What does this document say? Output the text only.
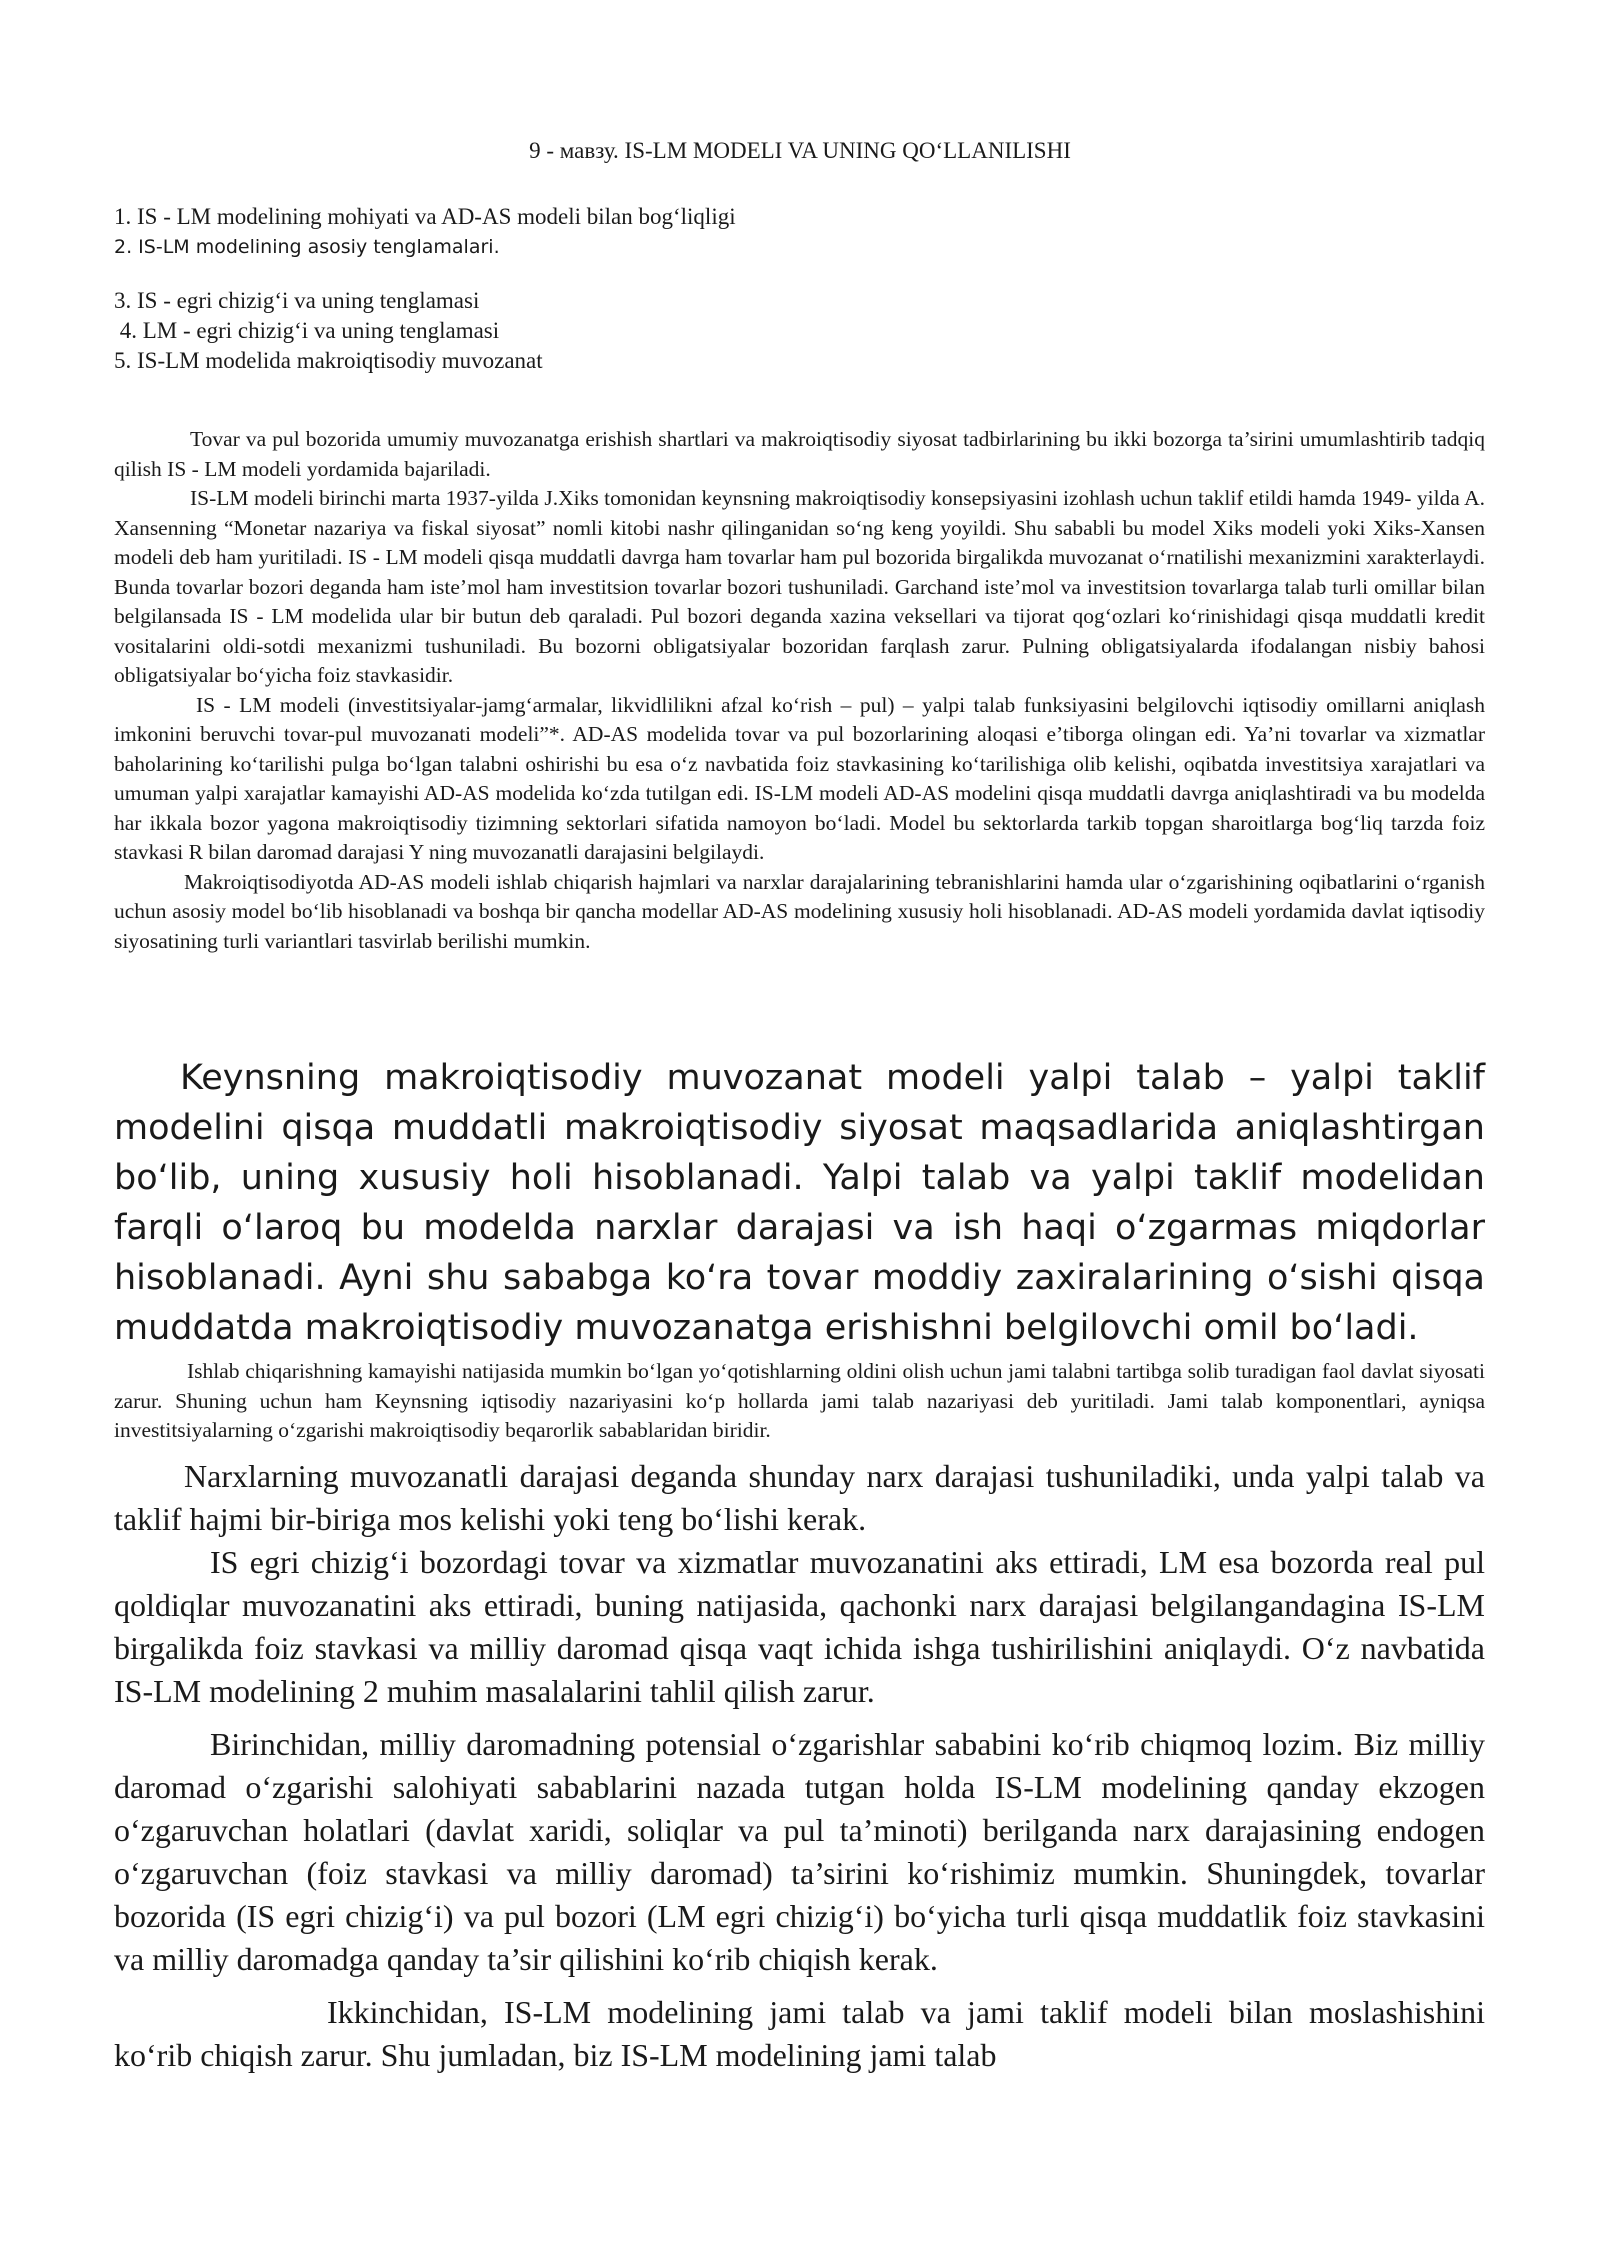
9 - мавзу. IS-LM MODELI VA UNING QO‘LLANILISHI
1. IS - LM modelining mohiyati va AD-AS modeli bilan bog‘liqligi
2. IS-LM modelining asosiy tenglamalari.
3. IS - egri chizig‘i va uning tenglamasi
4. LM - egri chizig‘i va uning tenglamasi
5. IS-LM modelida makroiqtisodiy muvozanat

Tovar va pul bozorida umumiy muvozanatga erishish shartlari va makroiqtisodiy siyosat tadbirlarining bu ikki bozorga ta’sirini umumlashtirib tadqiq qilish IS - LM modeli yordamida bajariladi.

IS-LM modeli birinchi marta 1937-yilda J.Xiks tomonidan keynsning makroiqtisodiy konsepsiyasini izohlash uchun taklif etildi hamda 1949- yilda A. Xansenning “Monetar nazariya va fiskal siyosat” nomli kitobi nashr qilinganidan so‘ng keng yoyildi. Shu sababli bu model Xiks modeli yoki Xiks-Xansen modeli deb ham yuritiladi. IS - LM modeli qisqa muddatli davrga ham tovarlar ham pul bozorida birgalikda muvozanat o‘rnatilishi mexanizmini xarakterlaydi. Bunda tovarlar bozori deganda ham iste’mol ham investitsion tovarlar bozori tushuniladi. Garchand iste’mol va investitsion tovarlarga talab turli omillar bilan belgilansada IS - LM modelida ular bir butun deb qaraladi. Pul bozori deganda xazina veksellari va tijorat qog‘ozlari ko‘rinishidagi qisqa muddatli kredit vositalarini oldi-sotdi mexanizmi tushuniladi. Bu bozorni obligatsiyalar bozoridan farqlash zarur. Pulning obligatsiyalarda ifodalangan nisbiy bahosi obligatsiyalar bo‘yicha foiz stavkasidir.

IS - LM modeli (investitsiyalar-jamg‘armalar, likvidlilikni afzal ko‘rish – pul) – yalpi talab funksiyasini belgilovchi iqtisodiy omillarni aniqlash imkonini beruvchi tovar-pul muvozanati modeli”*. AD-AS modelida tovar va pul bozorlarining aloqasi e’tiborga olingan edi. Ya’ni tovarlar va xizmatlar baholarining ko‘tarilishi pulga bo‘lgan talabni oshirishi bu esa o‘z navbatida foiz stavkasining ko‘tarilishiga olib kelishi, oqibatda investitsiya xarajatlari va umuman yalpi xarajatlar kamayishi AD-AS modelida ko‘zda tutilgan edi. IS-LM modeli AD-AS modelini qisqa muddatli davrga aniqlashtiradi va bu modelda har ikkala bozor yagona makroiqtisodiy tizimning sektorlari sifatida namoyon bo‘ladi. Model bu sektorlarda tarkib topgan sharoitlarga bog‘liq tarzda foiz stavkasi R bilan daromad darajasi Y ning muvozanatli darajasini belgilaydi.

Makroiqtisodiyotda AD-AS modeli ishlab chiqarish hajmlari va narxlar darajalarining tebranishlarini hamda ular o‘zgarishining oqibatlarini o‘rganish uchun asosiy model bo‘lib hisoblanadi va boshqa bir qancha modellar AD-AS modelining xususiy holi hisoblanadi. AD-AS modeli yordamida davlat iqtisodiy siyosatining turli variantlari tasvirlab berilishi mumkin.

Keynsning makroiqtisodiy muvozanat modeli yalpi talab – yalpi taklif modelini qisqa muddatli makroiqtisodiy siyosat maqsadlarida aniqlashtirgan bo‘lib, uning xususiy holi hisoblanadi. Yalpi talab va yalpi taklif modelidan farqli o‘laroq bu modelda narxlar darajasi va ish haqi o‘zgarmas miqdorlar hisoblanadi. Ayni shu sababga ko‘ra tovar moddiy zaxiralarining o‘sishi qisqa muddatda makroiqtisodiy muvozanatga erishishni belgilovchi omil bo‘ladi.

Ishlab chiqarishning kamayishi natijasida mumkin bo‘lgan yo‘qotishlarning oldini olish uchun jami talabni tartibga solib turadigan faol davlat siyosati zarur. Shuning uchun ham Keynsning iqtisodiy nazariyasini ko‘p hollarda jami talab nazariyasi deb yuritiladi. Jami talab komponentlari, ayniqsa investitsiyalarning o‘zgarishi makroiqtisodiy beqarorlik sabablaridan biridir.

Narxlarning muvozanatli darajasi deganda shunday narx darajasi tushuniladiki, unda yalpi talab va taklif hajmi bir-biriga mos kelishi yoki teng bo‘lishi kerak.

IS egri chizig‘i bozordagi tovar va xizmatlar muvozanatini aks ettiradi, LM esa bozorda real pul qoldiqlar muvozanatini aks ettiradi, buning natijasida, qachonki narx darajasi belgilangandagina IS-LM birgalikda foiz stavkasi va milliy daromad qisqa vaqt ichida ishga tushirilishini aniqlaydi. O‘z navbatida IS-LM modelining 2 muhim masalalarini tahlil qilish zarur.

Birinchidan, milliy daromadning potensial o‘zgarishlar sababini ko‘rib chiqmoq lozim. Biz milliy daromad o‘zgarishi salohiyati sabablarini nazada tutgan holda IS-LM modelining qanday ekzogen o‘zgaruvchan holatlari (davlat xaridi, soliqlar va pul ta’minoti) berilganda narx darajasining endogen o‘zgaruvchan (foiz stavkasi va milliy daromad) ta’sirini ko‘rishimiz mumkin. Shuningdek, tovarlar bozorida (IS egri chizig‘i) va pul bozori (LM egri chizig‘i) bo‘yicha turli qisqa muddatlik foiz stavkasini va milliy daromadga qanday ta’sir qilishini ko‘rib chiqish kerak.

Ikkinchidan, IS-LM modelining jami talab va jami taklif modeli bilan moslashishini ko‘rib chiqish zarur. Shu jumladan, biz IS-LM modelining jami talab
